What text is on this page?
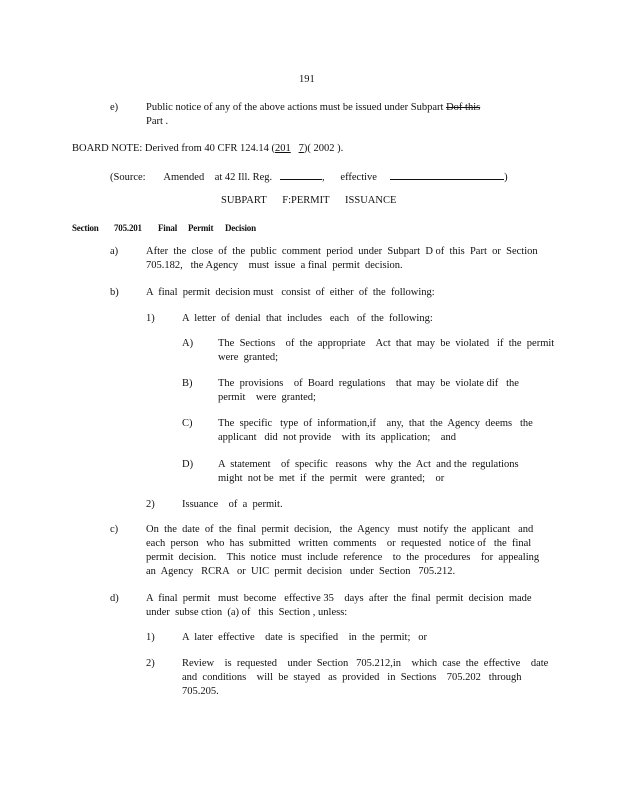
191
e)	Public notice of any of the above actions must be issued under Subpart Dof this
Part .
BOARD NOTE: Derived from 40 CFR 124.14 (201 7)( 2002 ).
(Source: Amended at 42 Ill. Reg.	, effective	)
SUBPART      F:PERMIT      ISSUANCE
Section 705.201 Final Permit Decision
a)	After  the  close  of  the  public  comment  period  under  Subpart  D of  this  Part  or  Section
705.182,   the Agency    must  issue  a final  permit  decision.
b)	A  final  permit  decision must   consist  of  either  of  the  following:
1)	A  letter  of  denial  that  includes   each   of  the  following:
A) The  Sections    of  the  appropriate    Act  that  may  be  violated   if  the  permit
were  granted;
B) The  provisions    of  Board  regulations    that  may  be  violate dif   the
permit    were  granted;
C) The  specific   type  of  information,if    any,  that  the  Agency  deems   the
applicant   did  not provide    with  its  application;    and
D) A  statement    of  specific   reasons   why  the  Act  and the  regulations
might  not be  met  if  the  permit   were  granted;    or
2)	Issuance    of  a  permit.
c)	On  the  date  of  the  final  permit  decision,   the  Agency   must  notify  the  applicant   and
each  person   who  has  submitted   written  comments    or  requested   notice of   the  final
permit  decision.    This  notice  must  include  reference    to  the  procedures    for  appealing
an  Agency   RCRA   or  UIC  permit  decision   under  Section   705.212.
d)	A  final  permit   must  become   effective 35    days  after  the  final  permit  decision  made
under  subse ction  (a) of   this  Section , unless:
1)	A  later  effective    date  is  specified    in  the  permit;   or
2)	Review    is  requested    under  Section   705.212,in    which  case  the  effective    date
and  conditions    will  be  stayed   as  provided   in  Sections    705.202   through
705.205.
